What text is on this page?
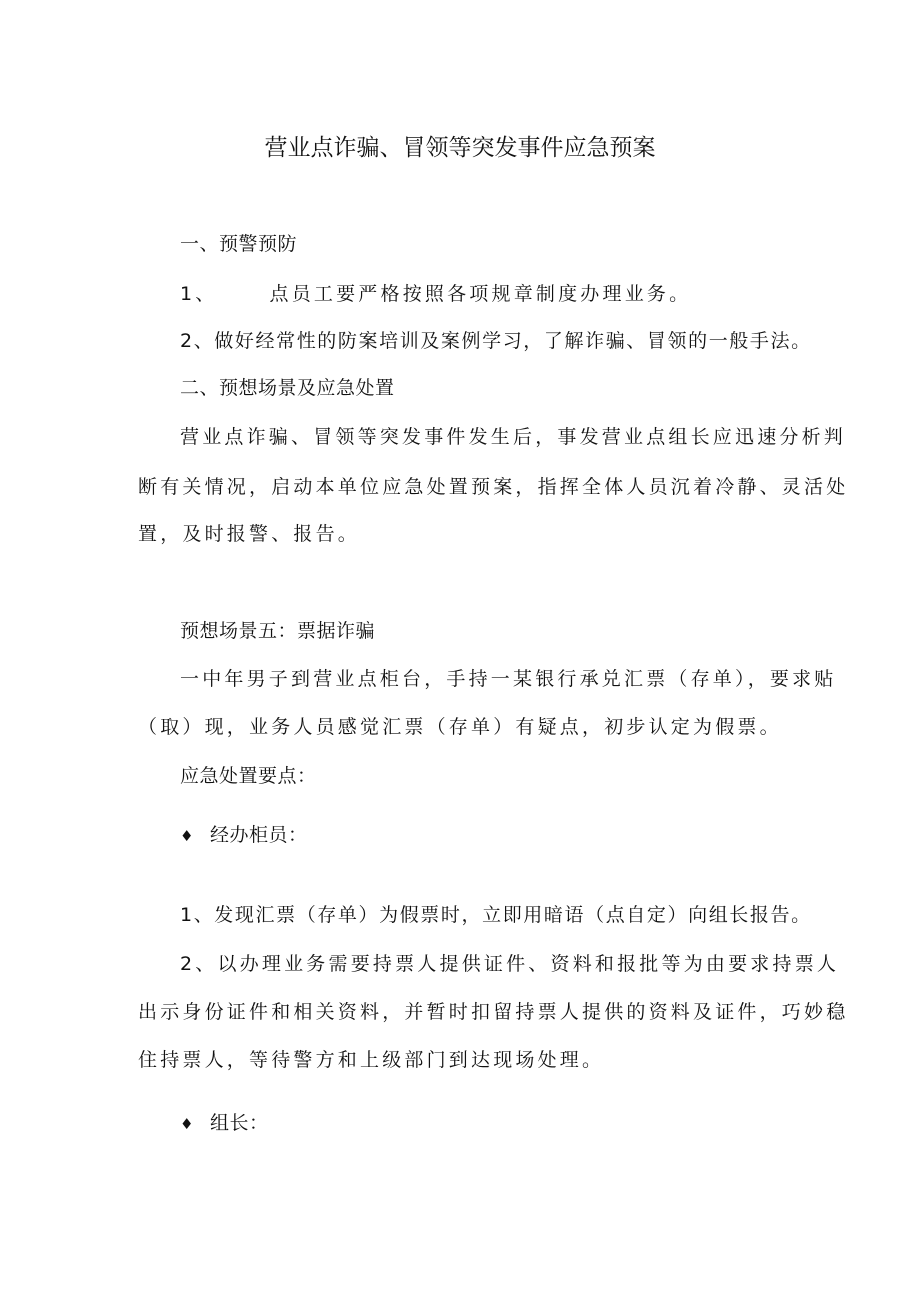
营业点诈骗、冒领等突发事件应急预案
一、预警预防
1、	点员工要严格按照各项规章制度办理业务。
2、做好经常性的防案培训及案例学习，了解诈骗、冒领的一般手法。
二、预想场景及应急处置
营业点诈骗、冒领等突发事件发生后，事发营业点组长应迅速分析判
断有关情况，启动本单位应急处置预案，指挥全体人员沉着冷静、灵活处
置，及时报警、报告。
预想场景五：票据诈骗
一中年男子到营业点柜台，手持一某银行承兑汇票（存单），要求贴
（取）现，业务人员感觉汇票（存单）有疑点，初步认定为假票。
应急处置要点：
♦ 经办柜员：
1、发现汇票（存单）为假票时，立即用暗语（点自定）向组长报告。
2、以办理业务需要持票人提供证件、资料和报批等为由要求持票人
出示身份证件和相关资料，并暂时扣留持票人提供的资料及证件，巧妙稳
住持票人，等待警方和上级部门到达现场处理。
♦ 组长：
